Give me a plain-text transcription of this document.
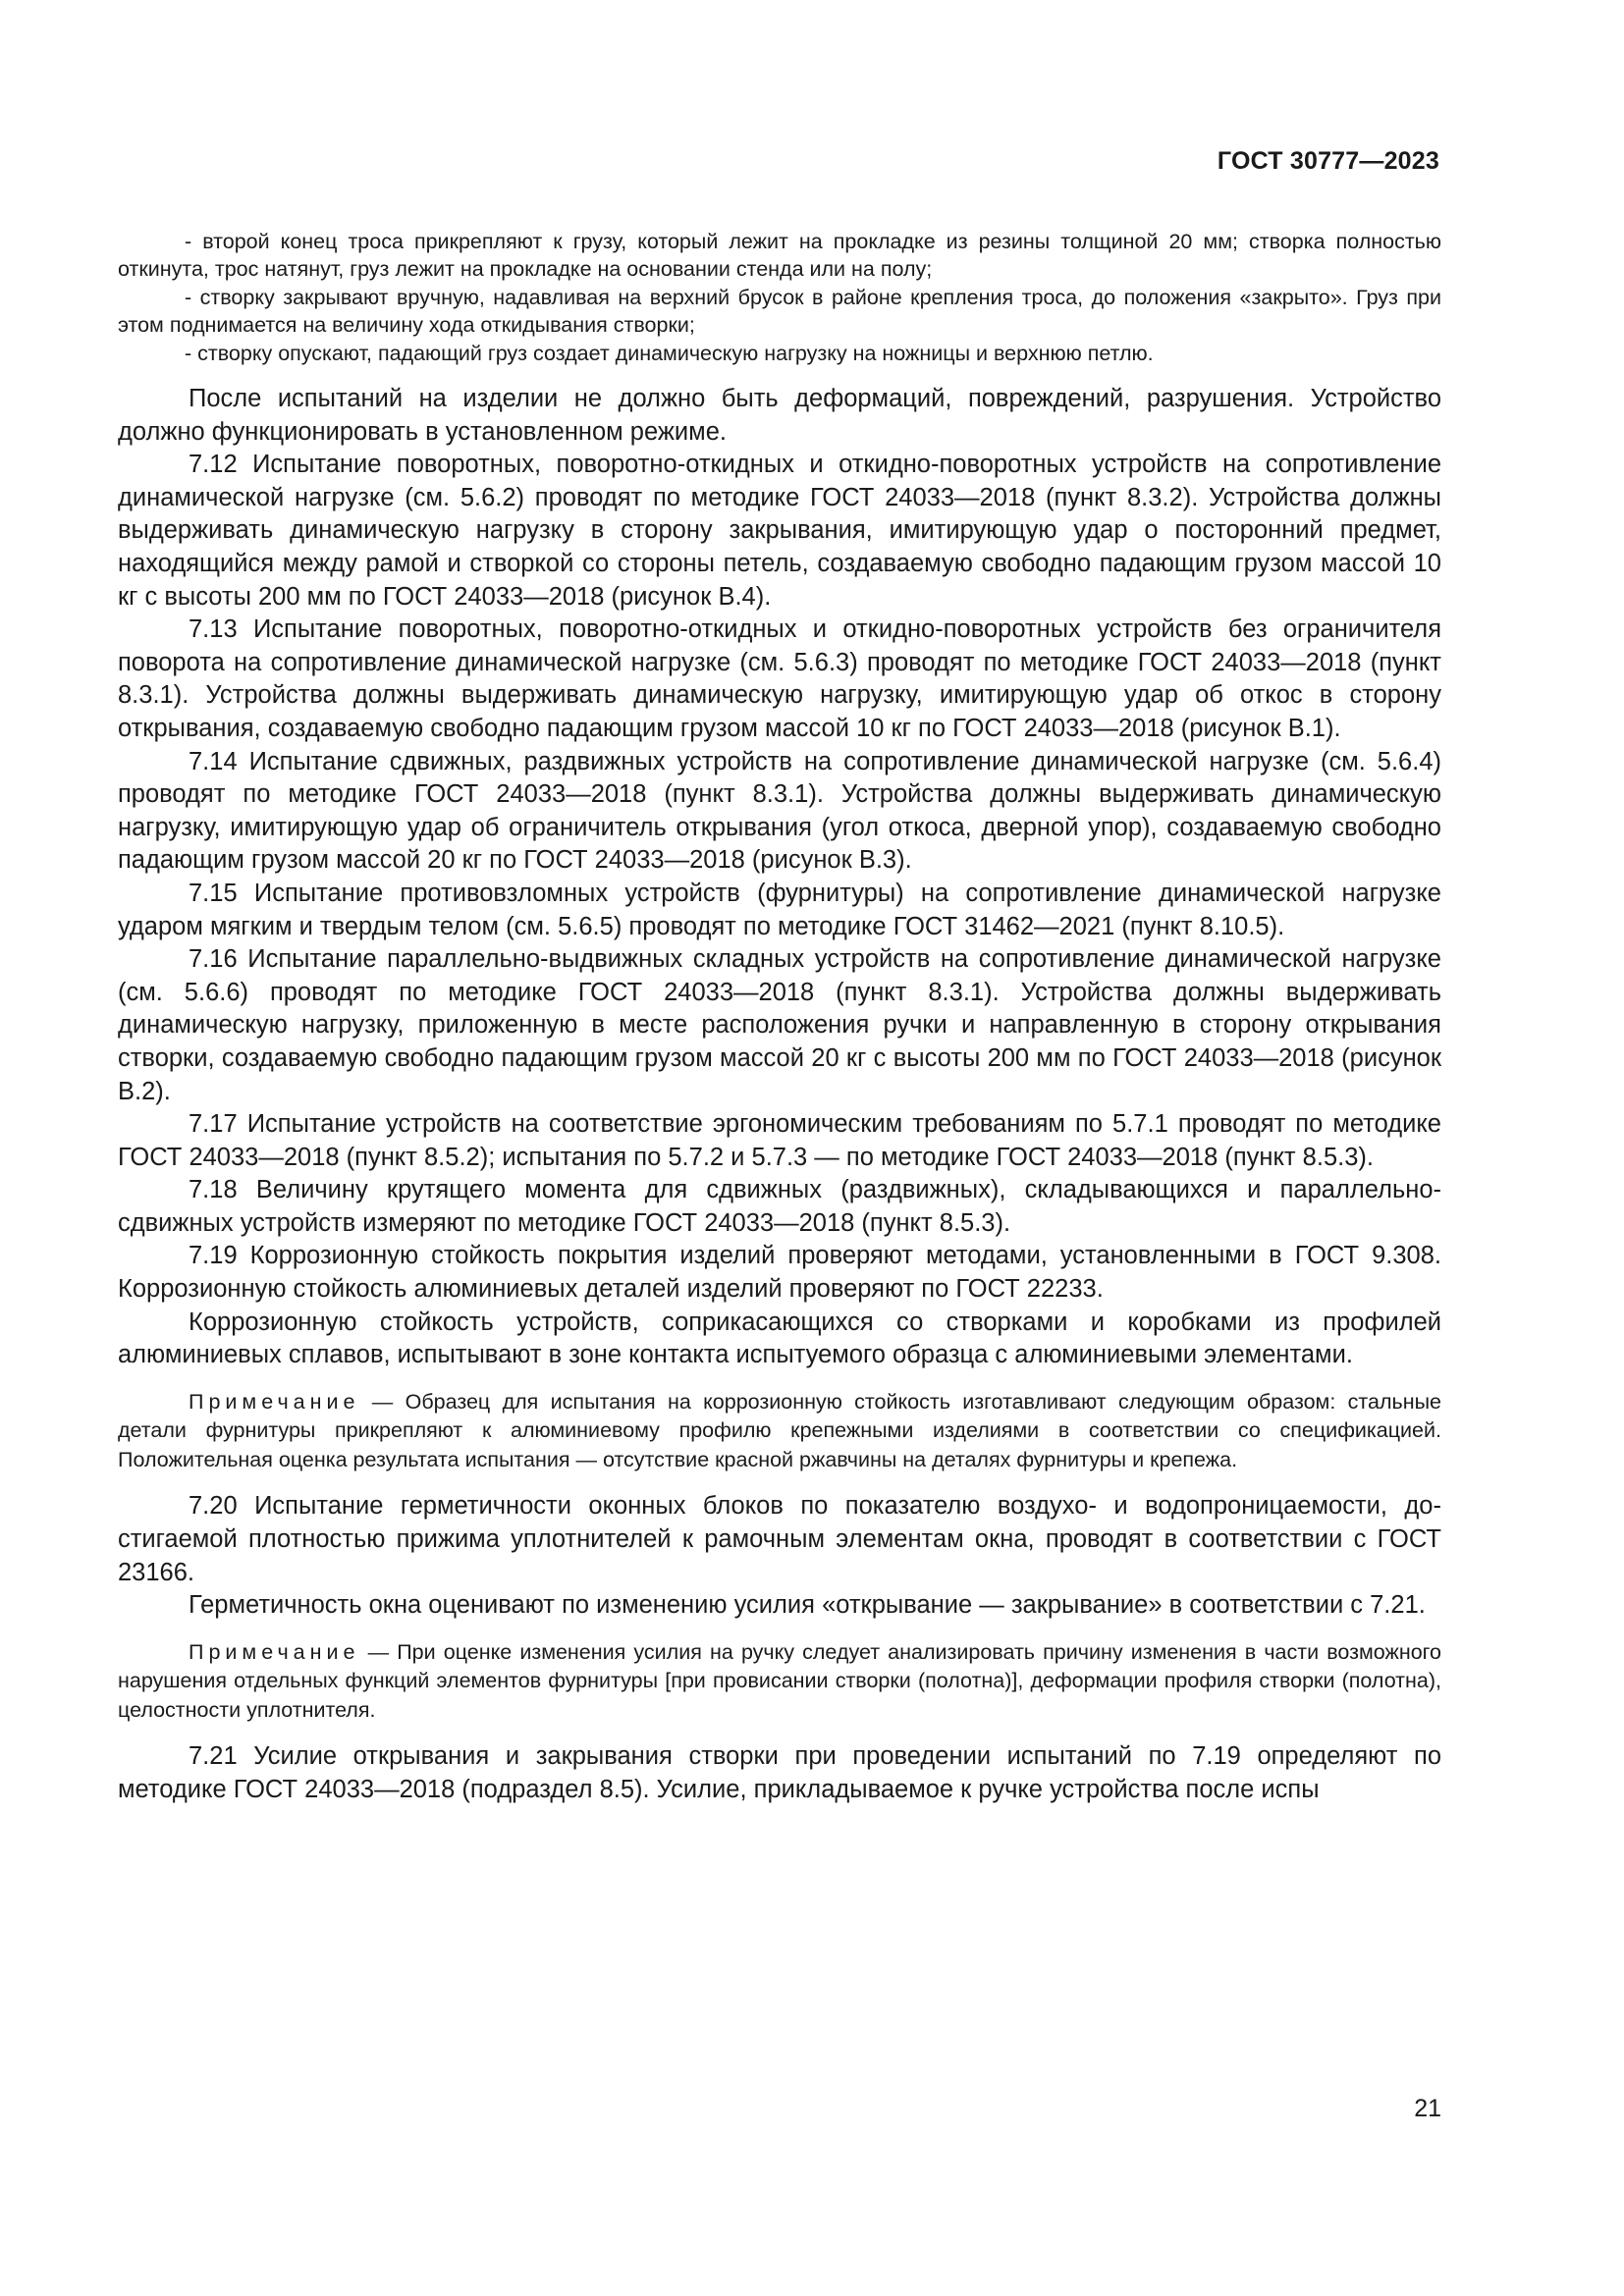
ГОСТ 30777—2023

- второй конец троса прикрепляют к грузу, который лежит на прокладке из резины толщиной 20 мм; створка полностью откинута, трос натянут, груз лежит на прокладке на основании стенда или на полу;

- створку закрывают вручную, надавливая на верхний брусок в районе крепления троса, до положения «закрыто». Груз при этом поднимается на величину хода откидывания створки;

- створку опускают, падающий груз создает динамическую нагрузку на ножницы и верхнюю петлю.

После испытаний на изделии не должно быть деформаций, повреждений, разрушения. Устройство должно функционировать в установленном режиме.

7.12 Испытание поворотных, поворотно-откидных и откидно-поворотных устройств на сопротивление динамической нагрузке (см. 5.6.2) проводят по методике ГОСТ 24033—2018 (пункт 8.3.2). Устройства должны выдерживать динамическую нагрузку в сторону закрывания, имитирующую удар о посторонний предмет, находящийся между рамой и створкой со стороны петель, создаваемую свободно падающим грузом массой 10 кг с высоты 200 мм по ГОСТ 24033—2018 (рисунок В.4).

7.13 Испытание поворотных, поворотно-откидных и откидно-поворотных устройств без ограничителя поворота на сопротивление динамической нагрузке (см. 5.6.3) проводят по методике ГОСТ 24033—2018 (пункт 8.3.1). Устройства должны выдерживать динамическую нагрузку, имитирующую удар об откос в сторону открывания, создаваемую свободно падающим грузом массой 10 кг по ГОСТ 24033—2018 (рисунок В.1).

7.14 Испытание сдвижных, раздвижных устройств на сопротивление динамической нагрузке (см. 5.6.4) проводят по методике ГОСТ 24033—2018 (пункт 8.3.1). Устройства должны выдерживать динамическую нагрузку, имитирующую удар об ограничитель открывания (угол откоса, дверной упор), создаваемую свободно падающим грузом массой 20 кг по ГОСТ 24033—2018 (рисунок В.3).

7.15 Испытание противовзломных устройств (фурнитуры) на сопротивление динамической нагрузке ударом мягким и твердым телом (см. 5.6.5) проводят по методике ГОСТ 31462—2021 (пункт 8.10.5).

7.16 Испытание параллельно-выдвижных складных устройств на сопротивление динамической нагрузке (см. 5.6.6) проводят по методике ГОСТ 24033—2018 (пункт 8.3.1). Устройства должны выдерживать динамическую нагрузку, приложенную в месте расположения ручки и направленную в сторону открывания створки, создаваемую свободно падающим грузом массой 20 кг с высоты 200 мм по ГОСТ 24033—2018 (рисунок В.2).

7.17 Испытание устройств на соответствие эргономическим требованиям по 5.7.1 проводят по методике ГОСТ 24033—2018 (пункт 8.5.2); испытания по 5.7.2 и 5.7.3 — по методике ГОСТ 24033—2018 (пункт 8.5.3).

7.18 Величину крутящего момента для сдвижных (раздвижных), складывающихся и параллельно-сдвижных устройств измеряют по методике ГОСТ 24033—2018 (пункт 8.5.3).

7.19 Коррозионную стойкость покрытия изделий проверяют методами, установленными в ГОСТ 9.308. Коррозионную стойкость алюминиевых деталей изделий проверяют по ГОСТ 22233.

Коррозионную стойкость устройств, соприкасающихся со створками и коробками из профилей алюминиевых сплавов, испытывают в зоне контакта испытуемого образца с алюминиевыми элементами.

Примечание — Образец для испытания на коррозионную стойкость изготавливают следующим образом: стальные детали фурнитуры прикрепляют к алюминиевому профилю крепежными изделиями в соответствии со спецификацией. Положительная оценка результата испытания — отсутствие красной ржавчины на деталях фурнитуры и крепежа.

7.20 Испытание герметичности оконных блоков по показателю воздухо- и водопроницаемости, достигаемой плотностью прижима уплотнителей к рамочным элементам окна, проводят в соответствии с ГОСТ 23166.

Герметичность окна оценивают по изменению усилия «открывание — закрывание» в соответствии с 7.21.

Примечание — При оценке изменения усилия на ручку следует анализировать причину изменения в части возможного нарушения отдельных функций элементов фурнитуры [при провисании створки (полотна)], деформации профиля створки (полотна), целостности уплотнителя.

7.21 Усилие открывания и закрывания створки при проведении испытаний по 7.19 определяют по методике ГОСТ 24033—2018 (подраздел 8.5). Усилие, прикладываемое к ручке устройства после испы

21
